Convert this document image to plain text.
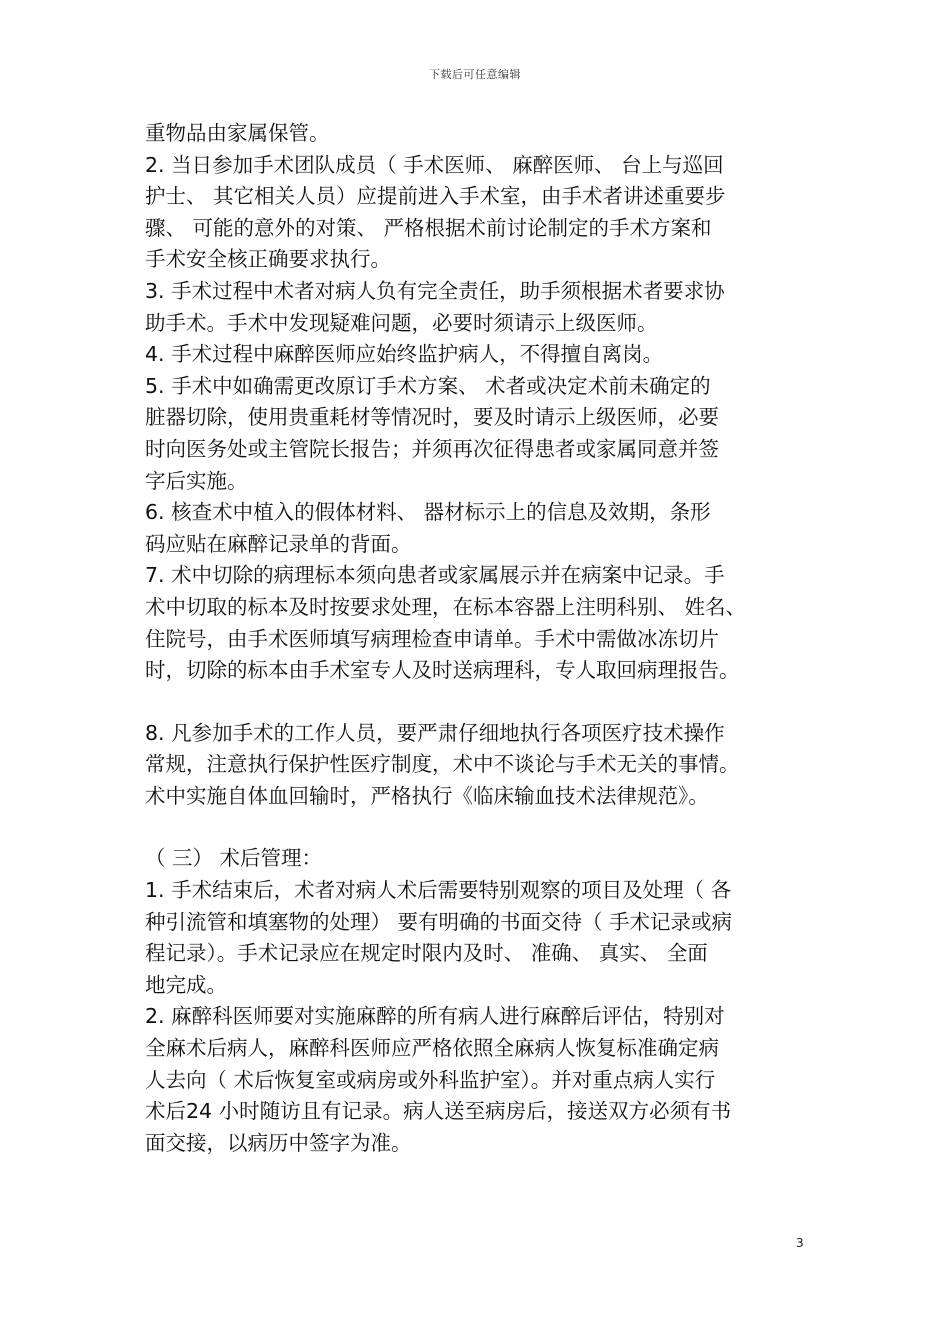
下载后可任意编辑

重物品由家属保管。

2. 当日参加手术团队成员（ 手术医师、 麻醉医师、 台上与巡回
护士、 其它相关人员）应提前进入手术室，由手术者讲述重要步
骤、 可能的意外的对策、 严格根据术前讨论制定的手术方案和
手术安全核正确要求执行。

3. 手术过程中术者对病人负有完全责任，助手须根据术者要求协
助手术。手术中发现疑难问题，必要时须请示上级医师。

4. 手术过程中麻醉医师应始终监护病人，不得擅自离岗。

5. 手术中如确需更改原订手术方案、 术者或决定术前未确定的
脏器切除，使用贵重耗材等情况时，要及时请示上级医师，必要
时向医务处或主管院长报告；并须再次征得患者或家属同意并签
字后实施。

6. 核查术中植入的假体材料、 器材标示上的信息及效期，条形
码应贴在麻醉记录单的背面。

7. 术中切除的病理标本须向患者或家属展示并在病案中记录。手
术中切取的标本及时按要求处理，在标本容器上注明科别、 姓名、
住院号，由手术医师填写病理检查申请单。手术中需做冰冻切片
时，切除的标本由手术室专人及时送病理科，专人取回病理报告。

8. 凡参加手术的工作人员，要严肃仔细地执行各项医疗技术操作
常规，注意执行保护性医疗制度，术中不谈论与手术无关的事情。
术中实施自体血回输时，严格执行《临床输血技术法律规范》。

（ 三） 术后管理：

1. 手术结束后，术者对病人术后需要特别观察的项目及处理（ 各
种引流管和填塞物的处理） 要有明确的书面交待（ 手术记录或病
程记录）。手术记录应在规定时限内及时、 准确、 真实、 全面
地完成。

2. 麻醉科医师要对实施麻醉的所有病人进行麻醉后评估，特别对
全麻术后病人，麻醉科医师应严格依照全麻病人恢复标准确定病
人去向（ 术后恢复室或病房或外科监护室）。并对重点病人实行
术后24 小时随访且有记录。病人送至病房后，接送双方必须有书
面交接，以病历中签字为准。

3
